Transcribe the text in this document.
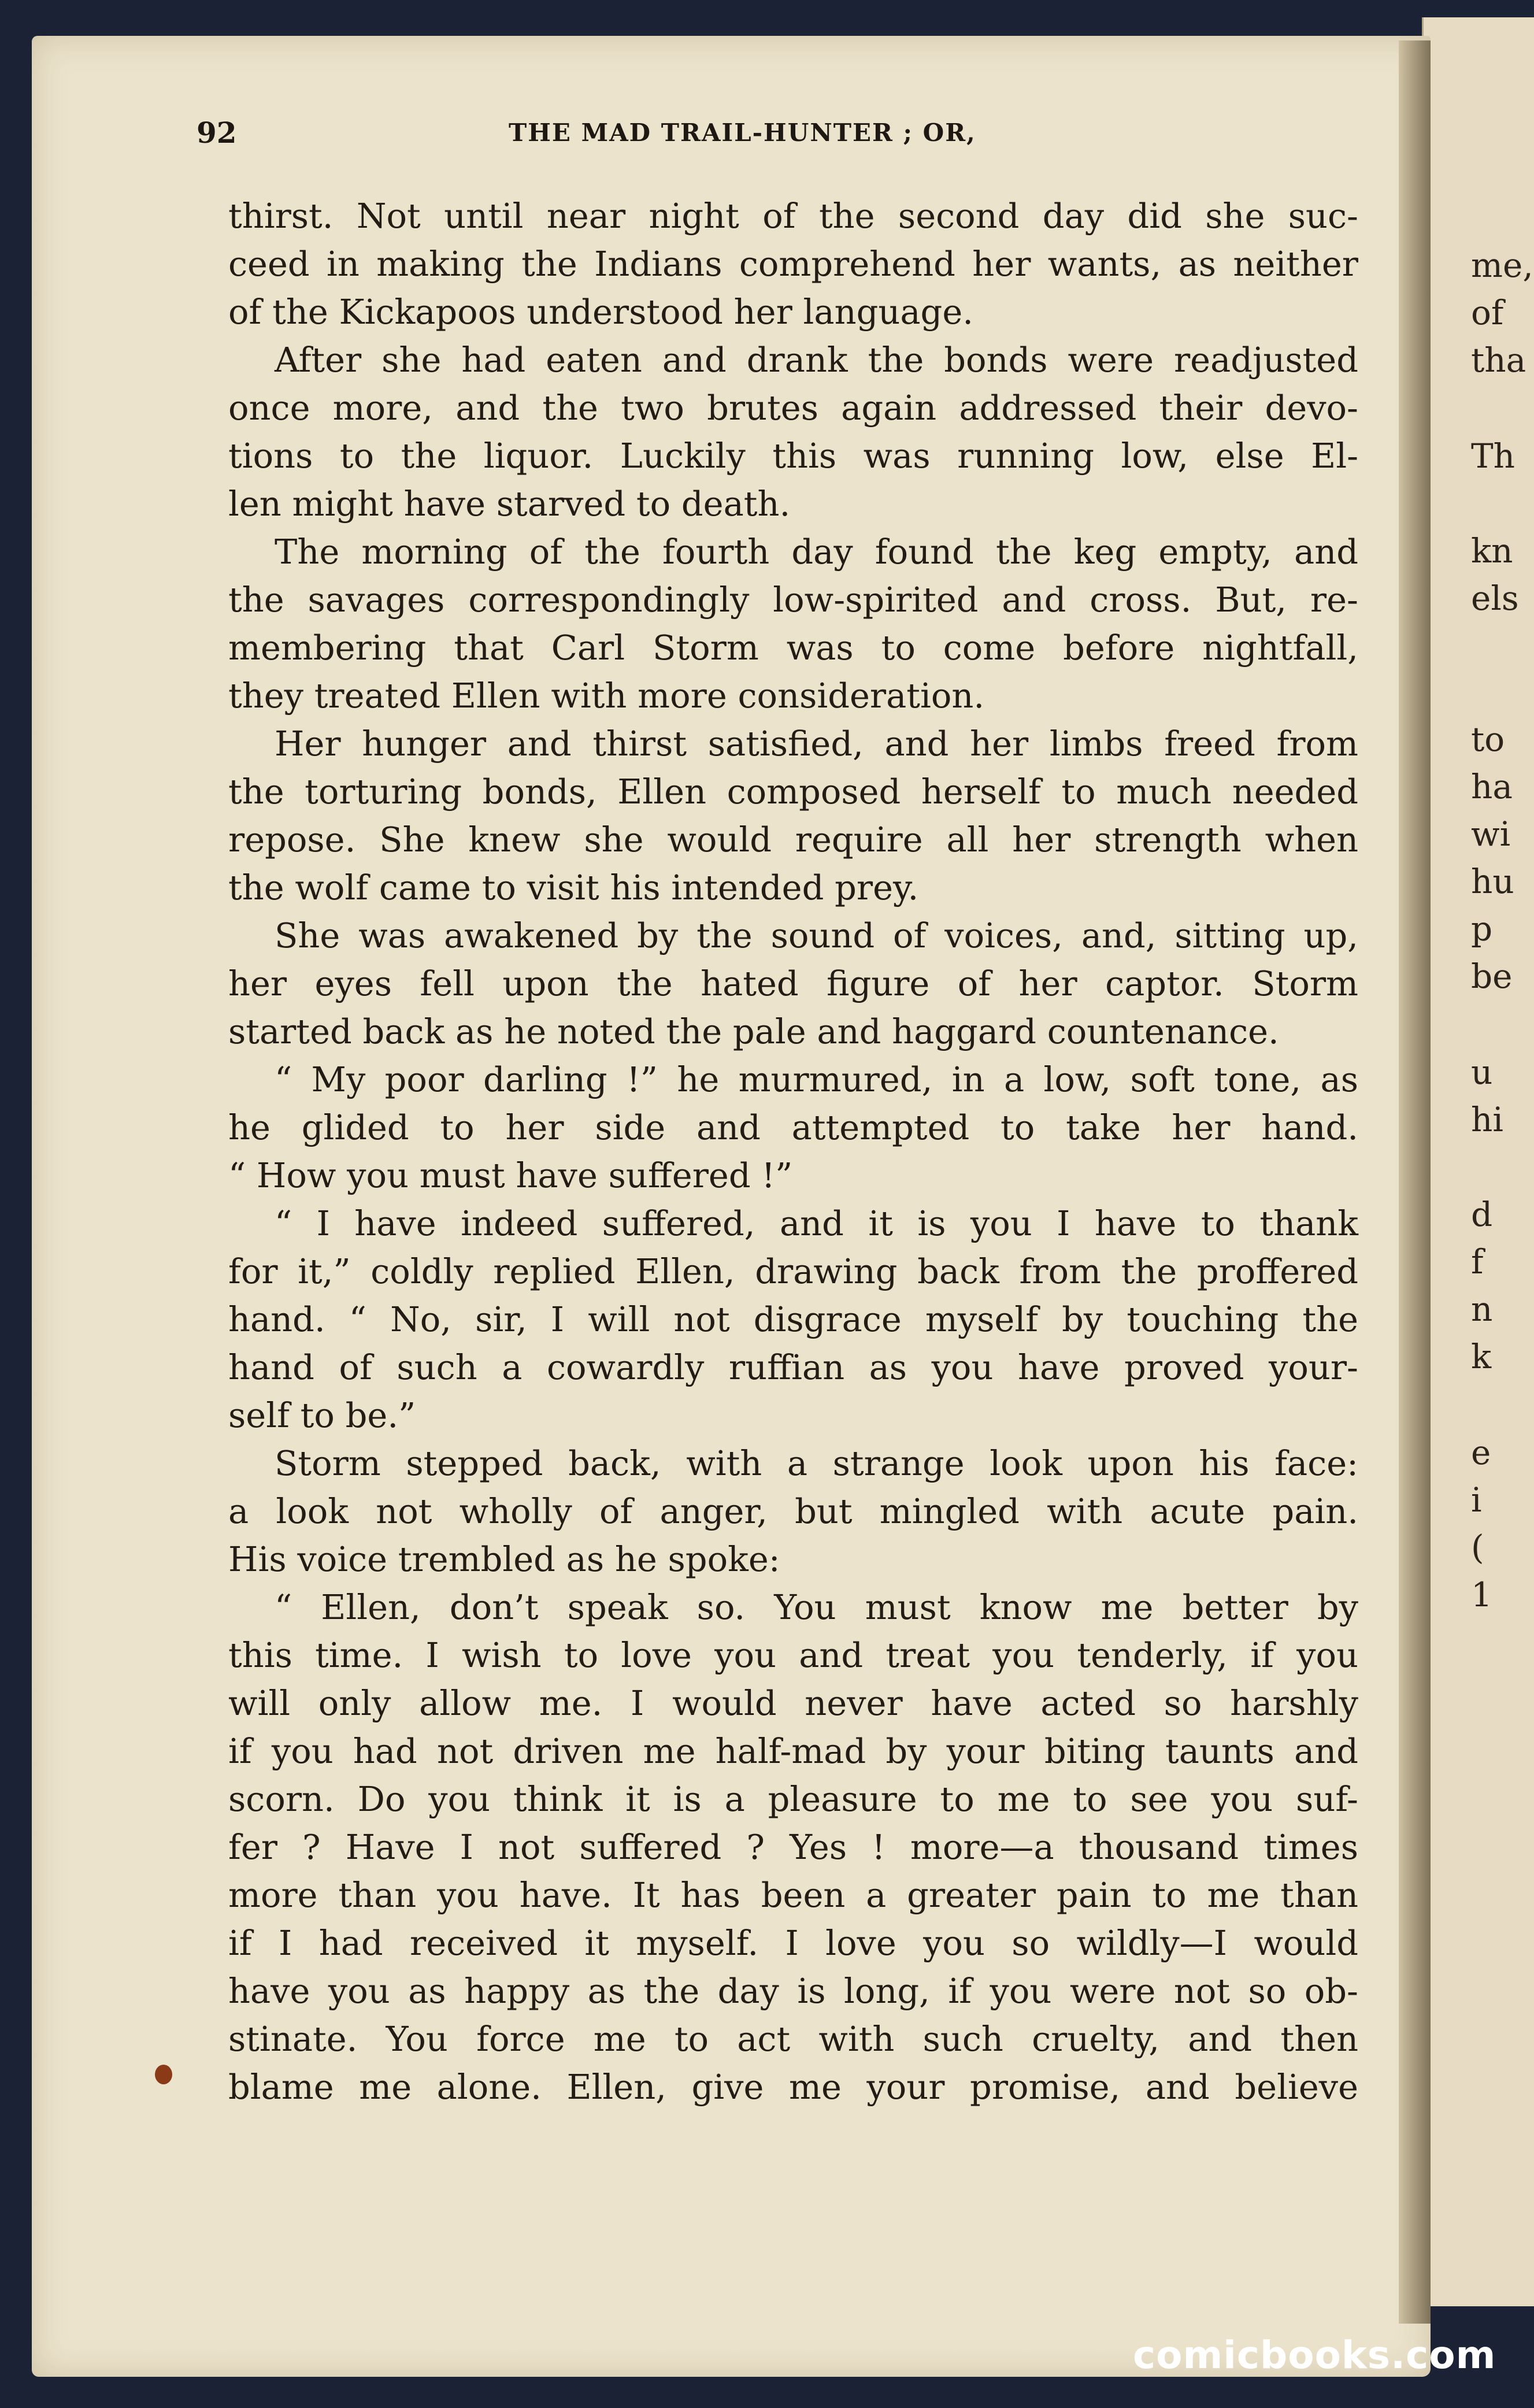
me,
of
tha
Th
kn
els
to
ha
wi
hu
p
be
u
hi
d
f
n
k
e
i
(
1
92	THE MAD TRAIL-HUNTER ; OR,
thirst. Not until near night of the second day did she suc-
ceed in making the Indians comprehend her wants, as neither
of the Kickapoos understood her language.
After she had eaten and drank the bonds were readjusted
once more, and the two brutes again addressed their devo-
tions to the liquor. Luckily this was running low, else El-
len might have starved to death.
The morning of the fourth day found the keg empty, and
the savages correspondingly low-spirited and cross. But, re-
membering that Carl Storm was to come before nightfall,
they treated Ellen with more consideration.
Her hunger and thirst satisfied, and her limbs freed from
the torturing bonds, Ellen composed herself to much needed
repose. She knew she would require all her strength when
the wolf came to visit his intended prey.
She was awakened by the sound of voices, and, sitting up,
her eyes fell upon the hated figure of her captor. Storm
started back as he noted the pale and haggard countenance.
“ My poor darling !” he murmured, in a low, soft tone, as
he glided to her side and attempted to take her hand.
“ How you must have suffered !”
“ I have indeed suffered, and it is you I have to thank
for it,” coldly replied Ellen, drawing back from the proffered
hand. “ No, sir, I will not disgrace myself by touching the
hand of such a cowardly ruffian as you have proved your-
self to be.”
Storm stepped back, with a strange look upon his face:
a look not wholly of anger, but mingled with acute pain.
His voice trembled as he spoke:
“ Ellen, don’t speak so. You must know me better by
this time. I wish to love you and treat you tenderly, if you
will only allow me. I would never have acted so harshly
if you had not driven me half-mad by your biting taunts and
scorn. Do you think it is a pleasure to me to see you suf-
fer ? Have I not suffered ? Yes ! more—a thousand times
more than you have. It has been a greater pain to me than
if I had received it myself. I love you so wildly—I would
have you as happy as the day is long, if you were not so ob-
stinate. You force me to act with such cruelty, and then
blame me alone. Ellen, give me your promise, and believe
comicbooks.com
